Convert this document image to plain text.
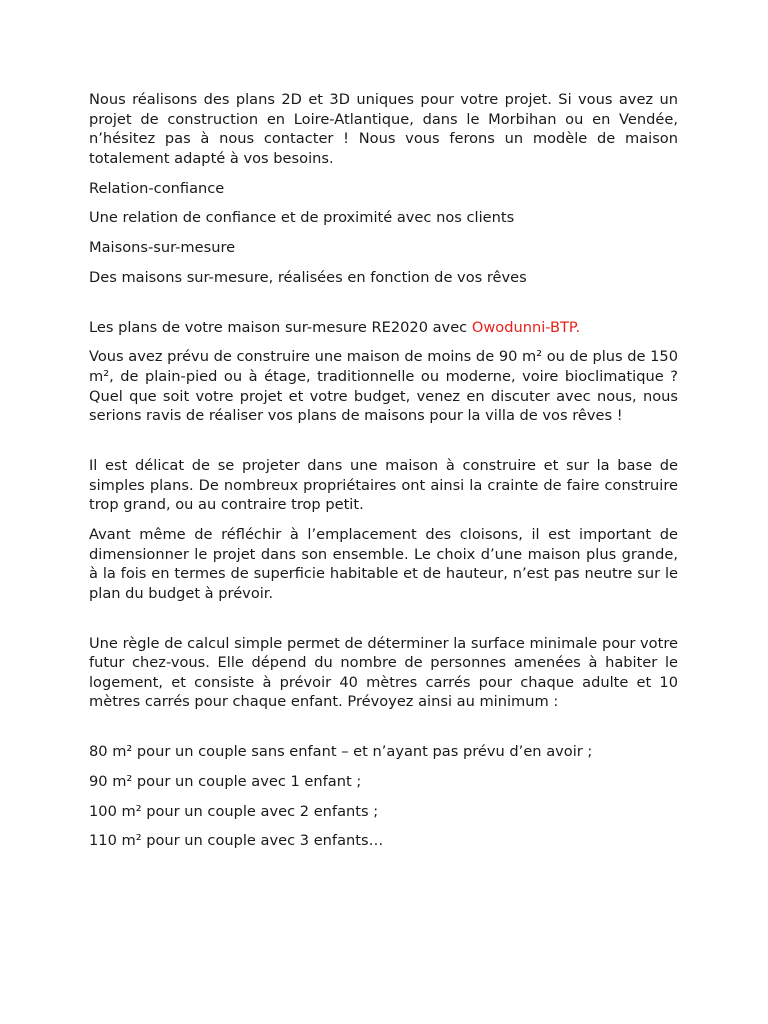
Nous réalisons des plans 2D et 3D uniques pour votre projet. Si vous avez un projet de construction en Loire-Atlantique, dans le Morbihan ou en Vendée, n’hésitez pas à nous contacter ! Nous vous ferons un modèle de maison totalement adapté à vos besoins.

Relation-confiance

Une relation de confiance et de proximité avec nos clients

Maisons-sur-mesure

Des maisons sur-mesure, réalisées en fonction de vos rêves

Les plans de votre maison sur-mesure RE2020 avec Owodunni-BTP.

Vous avez prévu de construire une maison de moins de 90 m² ou de plus de 150 m², de plain-pied ou à étage, traditionnelle ou moderne, voire bioclimatique ? Quel que soit votre projet et votre budget, venez en discuter avec nous, nous serions ravis de réaliser vos plans de maisons pour la villa de vos rêves !

Il est délicat de se projeter dans une maison à construire et sur la base de simples plans. De nombreux propriétaires ont ainsi la crainte de faire construire trop grand, ou au contraire trop petit.

Avant même de réfléchir à l’emplacement des cloisons, il est important de dimensionner le projet dans son ensemble. Le choix d’une maison plus grande, à la fois en termes de superficie habitable et de hauteur, n’est pas neutre sur le plan du budget à prévoir.

Une règle de calcul simple permet de déterminer la surface minimale pour votre futur chez-vous. Elle dépend du nombre de personnes amenées à habiter le logement, et consiste à prévoir 40 mètres carrés pour chaque adulte et 10 mètres carrés pour chaque enfant. Prévoyez ainsi au minimum :

80 m² pour un couple sans enfant – et n’ayant pas prévu d’en avoir ;

90 m² pour un couple avec 1 enfant ;

100 m² pour un couple avec 2 enfants ;

110 m² pour un couple avec 3 enfants…
